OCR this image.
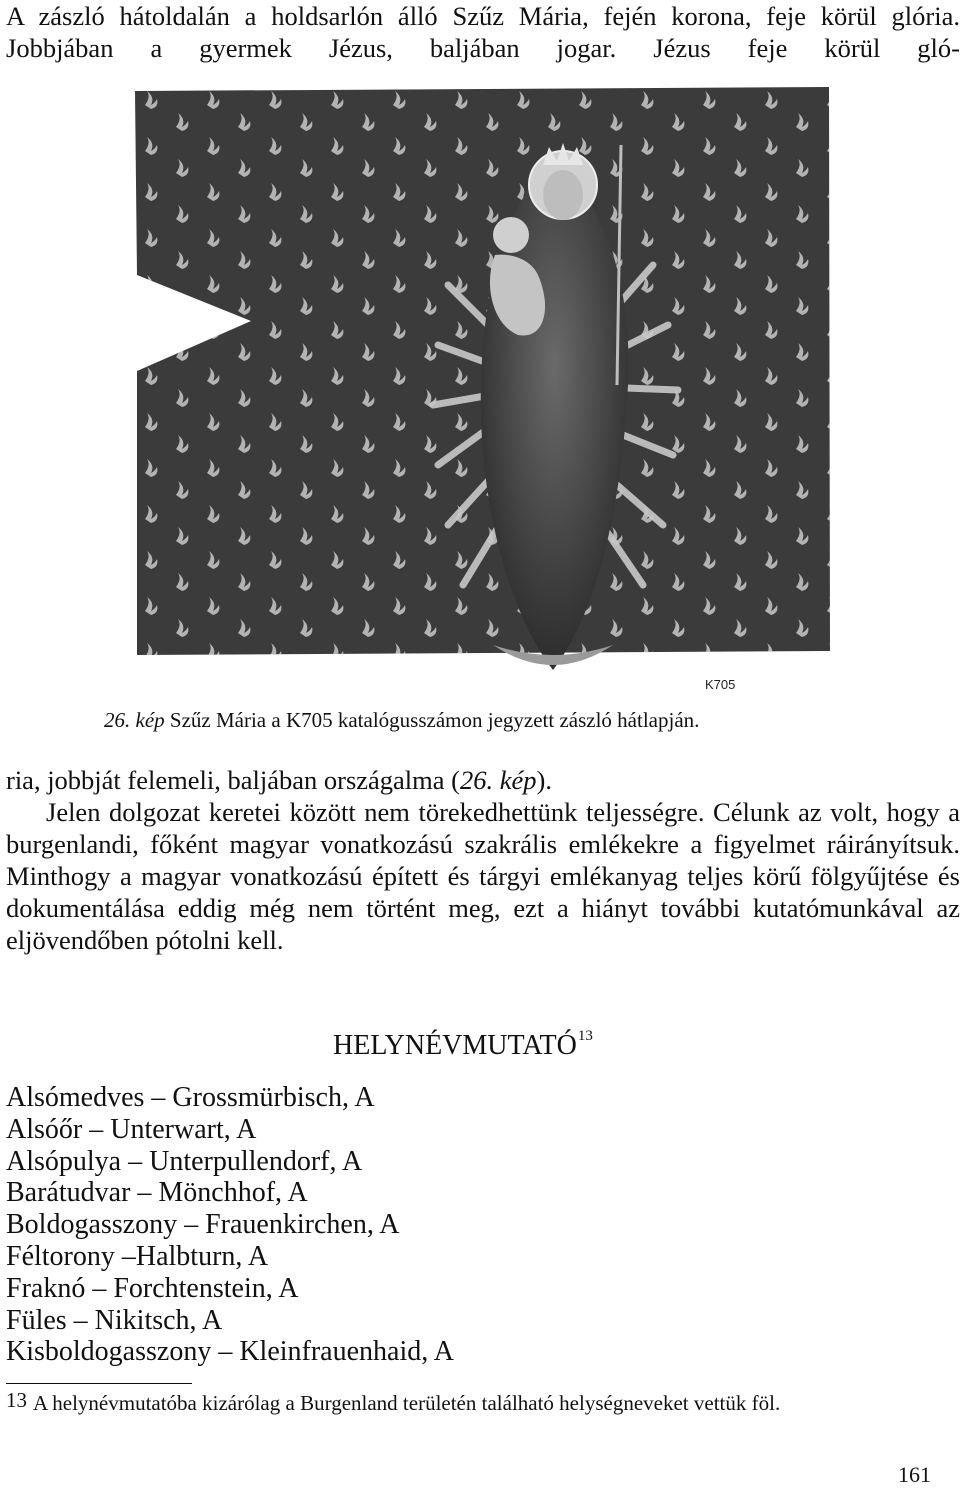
A zászló hátoldalán a holdsarlón álló Szűz Mária, fején korona, feje körül glória. Jobbjában a gyermek Jézus, baljában jogar. Jézus feje körül gló-

K705

26. kép Szűz Mária a K705 katalógusszámon jegyzett zászló hátlapján.

ria, jobbját felemeli, baljában országalma (26. kép).

Jelen dolgozat keretei között nem törekedhettünk teljességre. Célunk az volt, hogy a burgenlandi, főként magyar vonatkozású szakrális emlékekre a figyelmet ráirányítsuk. Minthogy a magyar vonatkozású épített és tárgyi emlékanyag teljes körű fölgyűjtése és dokumentálása eddig még nem történt meg, ezt a hiányt további kutatómunkával az eljövendőben pótolni kell.

HELYNÉVMUTATÓ$^{13}$
Alsómedves – Grossmürbisch, A
Alsóőr – Unterwart, A
Alsópulya – Unterpullendorf, A
Barátudvar – Mönchhof, A
Boldogasszony – Frauenkirchen, A
Féltorony –Halbturn, A
Fraknó – Forchtenstein, A
Füles – Nikitsch, A
Kisboldogasszony – Kleinfrauenhaid, A

13 A helynévmutatóba kizárólag a Burgenland területén található helységneveket vettük föl.

161
